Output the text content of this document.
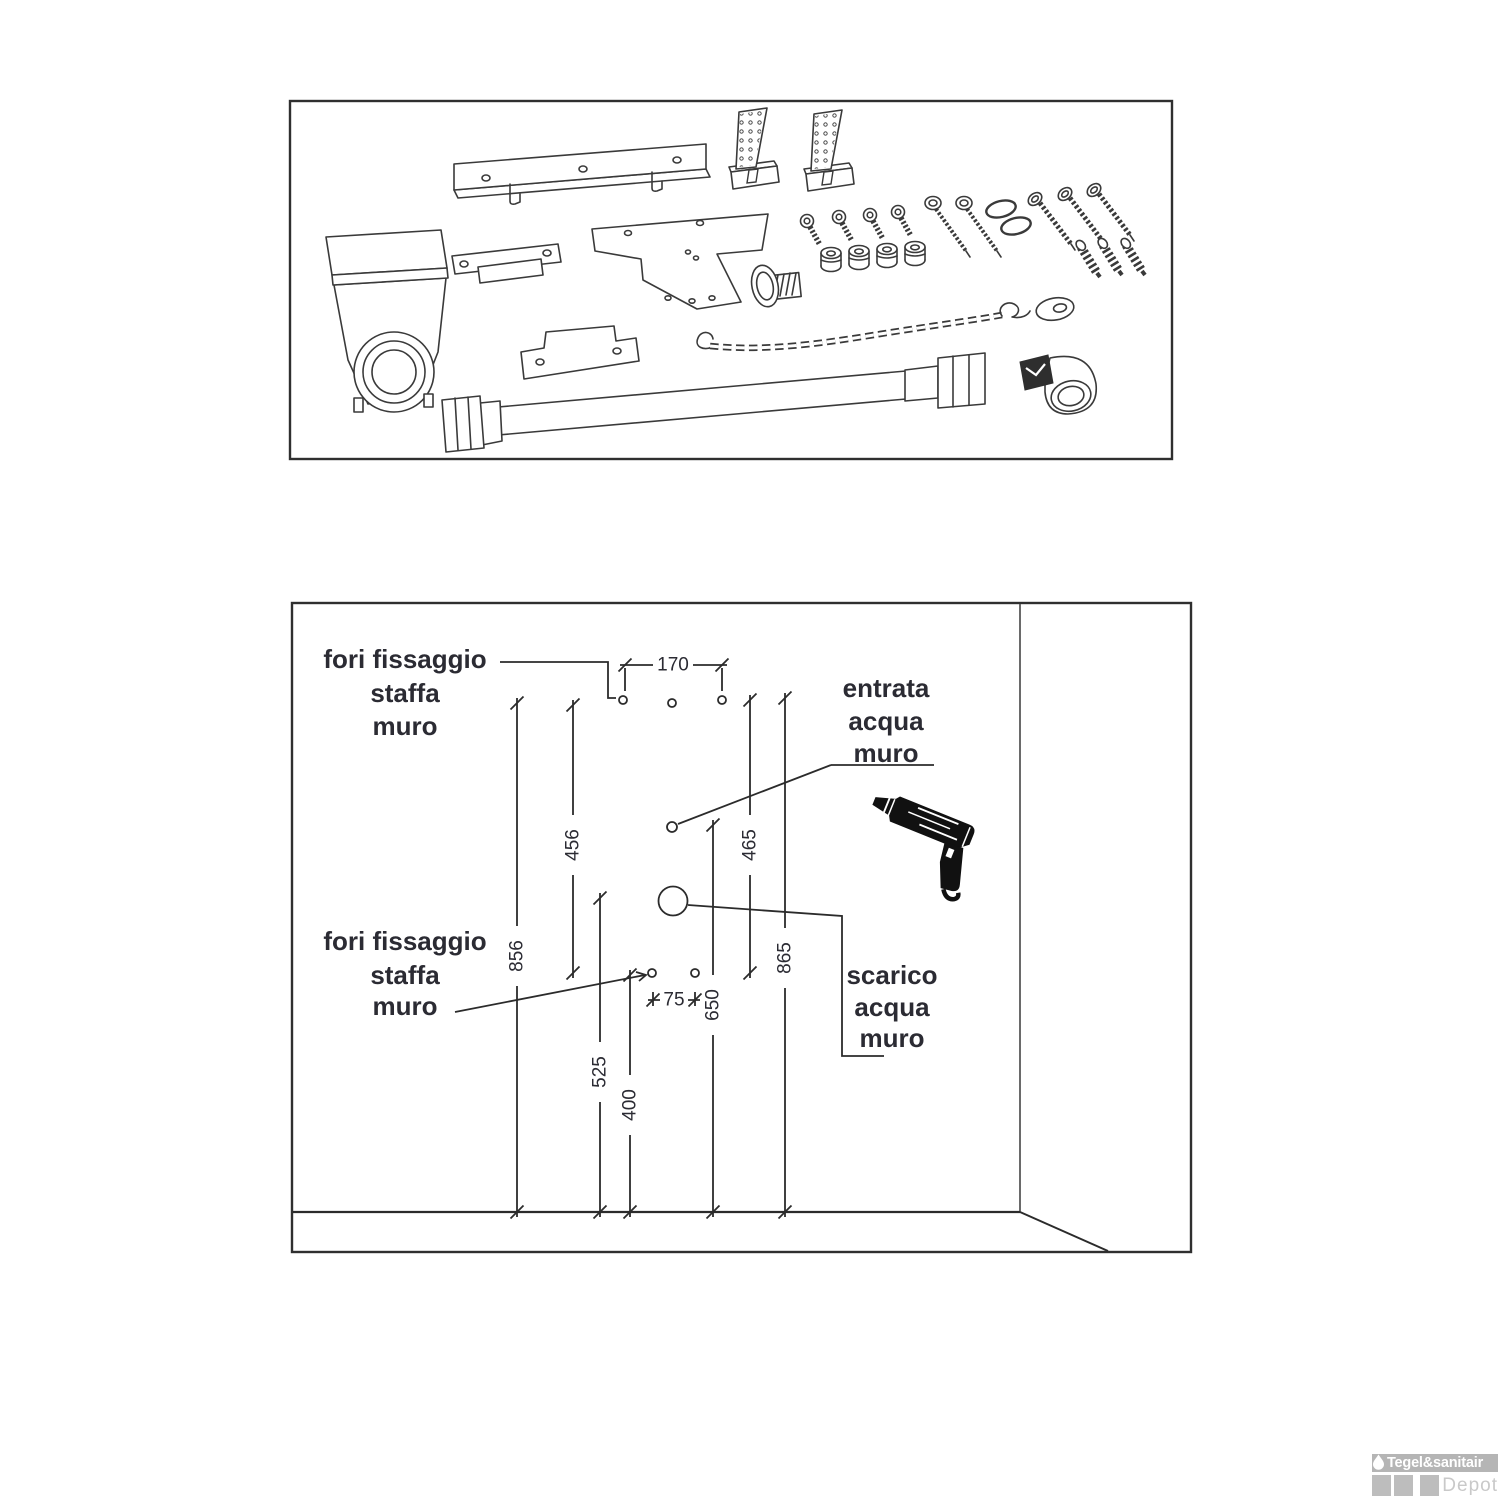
856
456
525
400
650
465
865
170
75
fori fissaggio
staffa
muro
entrata
acqua
muro
fori fissaggio
staffa
muro
scarico
acqua
muro
Tegel&sanitair
Depot
